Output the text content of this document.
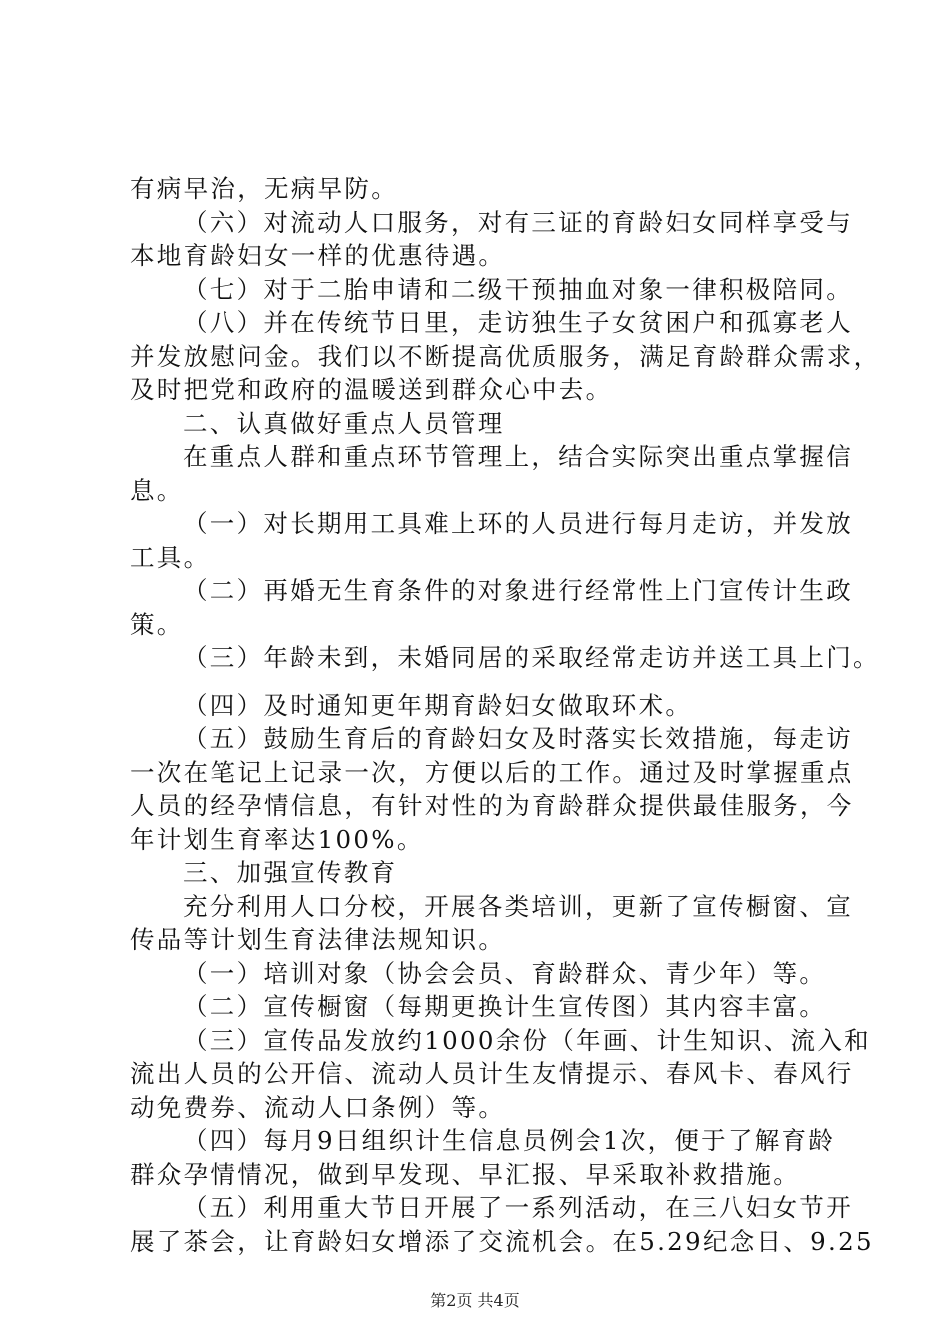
有病早治，无病早防。
（六）对流动人口服务，对有三证的育龄妇女同样享受与
本地育龄妇女一样的优惠待遇。
（七）对于二胎申请和二级干预抽血对象一律积极陪同。
（八）并在传统节日里，走访独生子女贫困户和孤寡老人
并发放慰问金。我们以不断提高优质服务，满足育龄群众需求，
及时把党和政府的温暖送到群众心中去。
二、认真做好重点人员管理
在重点人群和重点环节管理上，结合实际突出重点掌握信
息。
（一）对长期用工具难上环的人员进行每月走访，并发放
工具。
（二）再婚无生育条件的对象进行经常性上门宣传计生政
策。
（三）年龄未到，未婚同居的采取经常走访并送工具上门。
（四）及时通知更年期育龄妇女做取环术。
（五）鼓励生育后的育龄妇女及时落实长效措施，每走访
一次在笔记上记录一次，方便以后的工作。通过及时掌握重点
人员的经孕情信息，有针对性的为育龄群众提供最佳服务，今
年计划生育率达100%。
三、加强宣传教育
充分利用人口分校，开展各类培训，更新了宣传橱窗、宣
传品等计划生育法律法规知识。
（一）培训对象（协会会员、育龄群众、青少年）等。
（二）宣传橱窗（每期更换计生宣传图）其内容丰富。
（三）宣传品发放约1000余份（年画、计生知识、流入和
流出人员的公开信、流动人员计生友情提示、春风卡、春风行
动免费券、流动人口条例）等。
（四）每月9日组织计生信息员例会1次，便于了解育龄
群众孕情情况，做到早发现、早汇报、早采取补救措施。
（五）利用重大节日开展了一系列活动，在三八妇女节开
展了茶会，让育龄妇女增添了交流机会。在5.29纪念日、9.25
第2页 共4页
